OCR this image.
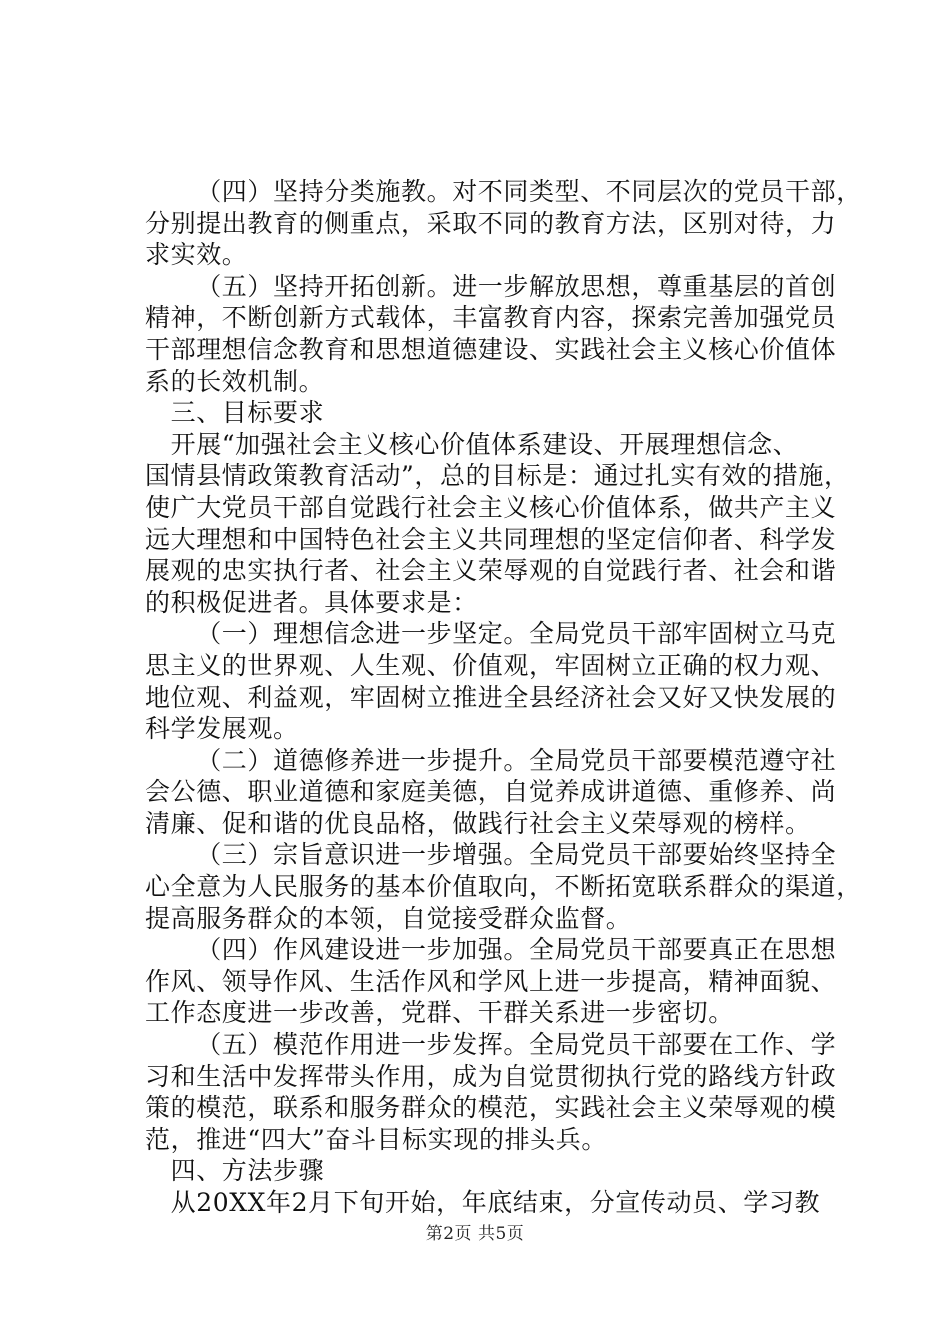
（四）坚持分类施教。对不同类型、不同层次的党员干部，
分别提出教育的侧重点，采取不同的教育方法，区别对待，力
求实效。
（五）坚持开拓创新。进一步解放思想，尊重基层的首创
精神，不断创新方式载体，丰富教育内容，探索完善加强党员
干部理想信念教育和思想道德建设、实践社会主义核心价值体
系的长效机制。
三、目标要求
开展“加强社会主义核心价值体系建设、开展理想信念、
国情县情政策教育活动”，总的目标是：通过扎实有效的措施，
使广大党员干部自觉践行社会主义核心价值体系，做共产主义
远大理想和中国特色社会主义共同理想的坚定信仰者、科学发
展观的忠实执行者、社会主义荣辱观的自觉践行者、社会和谐
的积极促进者。具体要求是：
（一）理想信念进一步坚定。全局党员干部牢固树立马克
思主义的世界观、人生观、价值观，牢固树立正确的权力观、
地位观、利益观，牢固树立推进全县经济社会又好又快发展的
科学发展观。
（二）道德修养进一步提升。全局党员干部要模范遵守社
会公德、职业道德和家庭美德，自觉养成讲道德、重修养、尚
清廉、促和谐的优良品格，做践行社会主义荣辱观的榜样。
（三）宗旨意识进一步增强。全局党员干部要始终坚持全
心全意为人民服务的基本价值取向，不断拓宽联系群众的渠道，
提高服务群众的本领，自觉接受群众监督。
（四）作风建设进一步加强。全局党员干部要真正在思想
作风、领导作风、生活作风和学风上进一步提高，精神面貌、
工作态度进一步改善，党群、干群关系进一步密切。
（五）模范作用进一步发挥。全局党员干部要在工作、学
习和生活中发挥带头作用，成为自觉贯彻执行党的路线方针政
策的模范，联系和服务群众的模范，实践社会主义荣辱观的模
范，推进“四大”奋斗目标实现的排头兵。
四、方法步骤
从20XX年2月下旬开始，年底结束，分宣传动员、学习教
第2页 共5页
